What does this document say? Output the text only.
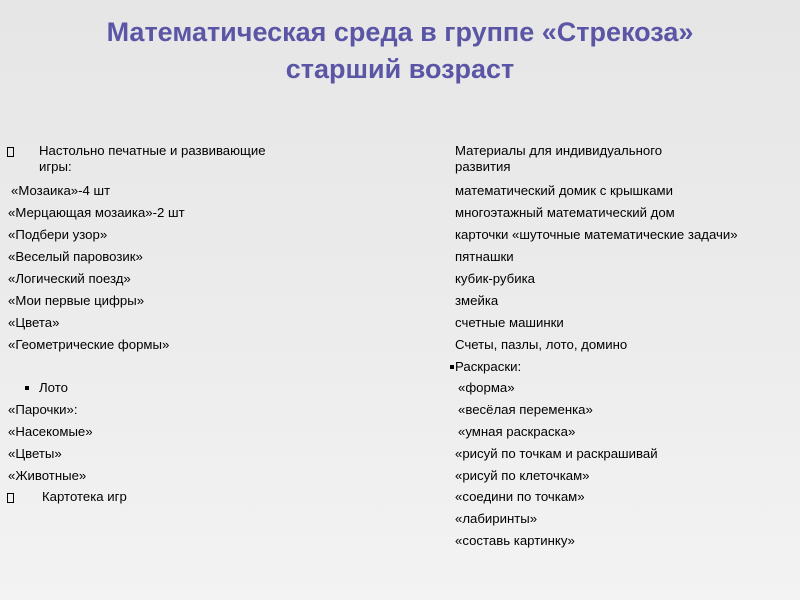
Математическая среда в группе «Стрекоза»
старший возраст
Настольно печатные и развивающие
игры:
«Мозаика»-4 шт
«Мерцающая мозаика»-2 шт
«Подбери узор»
«Веселый паровозик»
«Логический поезд»
«Мои первые цифры»
«Цвета»
«Геометрические формы»
Лото
«Парочки»:
«Насекомые»
«Цветы»
«Животные»
Картотека игр
Материалы для индивидуального
развития
математический домик с крышками
многоэтажный математический дом
карточки «шуточные математические задачи»
пятнашки
кубик-рубика
змейка
счетные машинки
Счеты, пазлы, лото, домино
Раскраски:
«форма»
«весёлая переменка»
«умная раскраска»
«рисуй по точкам и раскрашивай
«рисуй по клеточкам»
«соедини по точкам»
«лабиринты»
«составь картинку»
